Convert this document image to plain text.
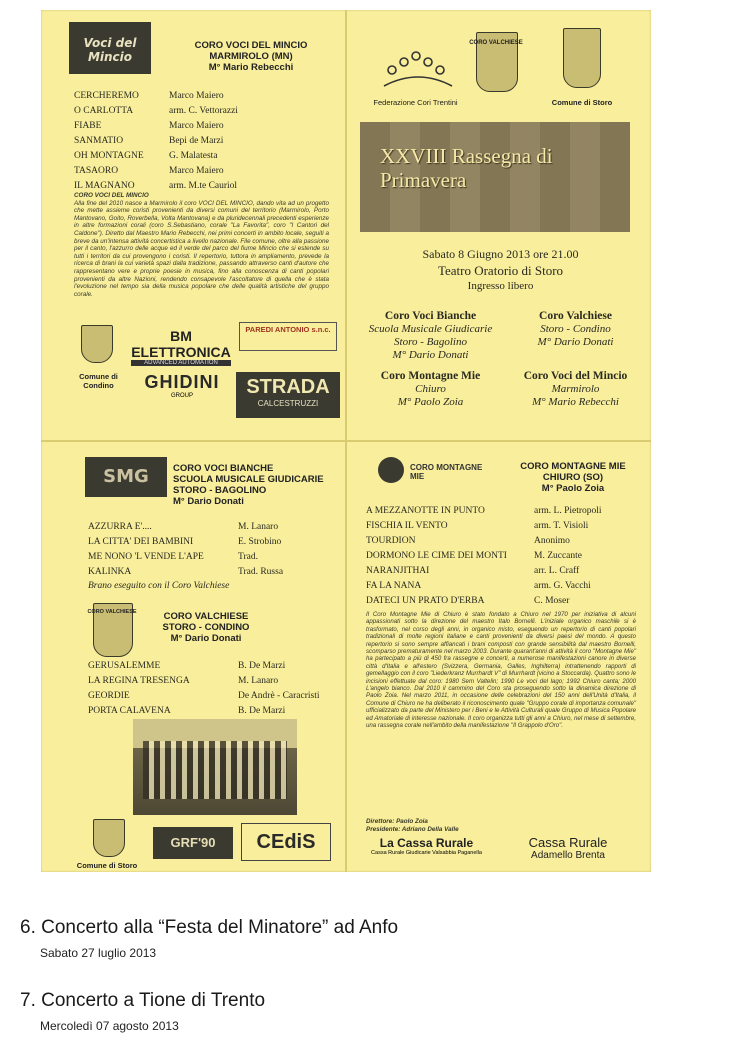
Voci del Mincio
CORO VOCI DEL MINCIO
MARMIROLO (MN)
M° Mario Rebecchi
CERCHEREMO	Marco Maiero
O CARLOTTA	arm. C. Vettorazzi
FIABE	Marco Maiero
SANMATIO	Bepi de Marzi
OH MONTAGNE	G. Malatesta
TASAORO	Marco Maiero
IL MAGNANO	arm. M.te Cauriol
CORO VOCI DEL MINCIO
Alla fine del 2010 nasce a Marmirolo il coro VOCI DEL MINCIO, dando vita ad un progetto che mette assieme coristi provenienti da diversi comuni del territorio (Marmirolo, Porto Mantovano, Goito, Roverbella, Volta Mantovana) e da pluridecennali precedenti esperienze in altre formazioni corali (coro S.Sebastiano, corale "La Favorita", coro "I Cantori del Caldone"). Diretto dal Maestro Mario Rebecchi, nei primi concerti in ambito locale, seguiti a breve da un'intensa attività concertistica a livello nazionale. File comune, oltre alla passione per il canto, l'azzurro delle acque ed il verde del parco del fiume Mincio che si estende su tutti i territori da cui provengono i coristi. Il repertorio, tuttora in ampliamento, prevede la ricerca di brani la cui varietà spazi dalla tradizione, passando attraverso canti d'autore che rappresentano vere e proprie poesie in musica, fino alla conoscenza di canti popolari provenienti da altre Nazioni, rendendo consapevole l'ascoltatore di quella che è stata l'evoluzione nel tempo sia della musica popolare che delle qualità artistiche del gruppo corale.
Comune di Condino
BM ELETTRONICA
ADVANCED AUTOMATION
PAREDI ANTONIO s.n.c.
GHIDINI
GROUP	STRADA
CALCESTRUZZI
Federazione Cori Trentini
CORO VALCHIESE
Comune di Storo
XXVIII Rassegna di Primavera
Sabato 8 Giugno 2013 ore 21.00
Teatro Oratorio di Storo
Ingresso libero
Coro Voci Bianche
Scuola Musicale Giudicarie
Storo - Bagolino
M° Dario Donati
Coro Valchiese
Storo - Condino
M° Dario Donati
Coro Montagne Mie
Chiuro
M° Paolo Zoia
Coro Voci del Mincio
Marmirolo
M° Mario Rebecchi
SMG	CORO VOCI BIANCHE
SCUOLA MUSICALE GIUDICARIE
STORO - BAGOLINO
M° Dario Donati
AZZURRA E'....	M. Lanaro
LA CITTA' DEI BAMBINI	E. Strobino
ME NONO 'L VENDE L'APE	Trad.
KALINKA	Trad. Russa
Brano eseguito con il Coro Valchiese
CORO VALCHIESE	CORO VALCHIESE
STORO - CONDINO
M° Dario Donati
GERUSALEMME	B. De Marzi
LA REGINA TRESENGA	M. Lanaro
GEORDIE	De Andrè - Caracristi
PORTA CALAVENA	B. De Marzi
Comune di Storo
GRF'90	CEdiS
CORO MONTAGNE MIE
CORO MONTAGNE MIE
CHIURO (SO)
M° Paolo Zoia
A MEZZANOTTE IN PUNTO	arm. L. Pietropoli
FISCHIA IL VENTO	arm. T. Visioli
TOURDION	Anonimo
DORMONO LE CIME DEI MONTI	M. Zuccante
NARANJITHAI	arr. L. Craff
FA LA NANA	arm. G. Vacchi
DATECI UN PRATO D'ERBA	C. Moser
Il Coro Montagne Mie di Chiuro è stato fondato a Chiuro nel 1970 per iniziativa di alcuni appassionati sotto la direzione del maestro Italo Bornelli. L'iniziale organico maschile si è trasformato, nel corso degli anni, in organico misto, eseguendo un repertorio di canti popolari tradizionali di molte regioni italiane e canti provenienti da diversi paesi del mondo. A questo repertorio si sono sempre affiancati i brani composti con grande sensibilità dal maestro Bornelli, scomparso prematuramente nel marzo 2003. Durante quarant'anni di attività il coro "Montagne Mie" ha partecipato a più di 450 fra rassegne e concerti, a numerose manifestazioni canore in diverse città d'Italia e all'estero (Svizzera, Germania, Galles, Inghilterra) intrattenendo rapporti di gemellaggio con il coro "Liederkranz Murrhardt V" di Murrhardt (vicino a Stoccarda). Quattro sono le incisioni effettuate dal coro: 1980 Sem Valtelin; 1990 Le voci del lago; 1992 Chiuro canta; 2000 L'angelo bianco. Dal 2010 il cammino del Coro sta proseguendo sotto la dinamica direzione di Paolo Zoia. Nel marzo 2011, in occasione delle celebrazioni del 150 anni dell'Unità d'Italia, il Comune di Chiuro ne ha deliberato il riconoscimento quale "Gruppo corale di importanza comunale" ufficializzato da parte del Ministero per i Beni e le Attività Culturali quale Gruppo di Musica Popolare ed Amatoriale di interesse nazionale. Il coro organizza tutti gli anni a Chiuro, nel mese di settembre, una rassegna corale nell'ambito della manifestazione "Il Grappolo d'Oro".
Direttore: Paolo Zoia
Presidente: Adriano Della Valle
La Cassa Rurale
Cassa Rurale Giudicarie Valsabbia Paganella
Cassa Rurale
Adamello Brenta
6. Concerto alla “Festa del Minatore” ad Anfo
Sabato 27 luglio 2013
7. Concerto a Tione di Trento
Mercoledì 07 agosto 2013
